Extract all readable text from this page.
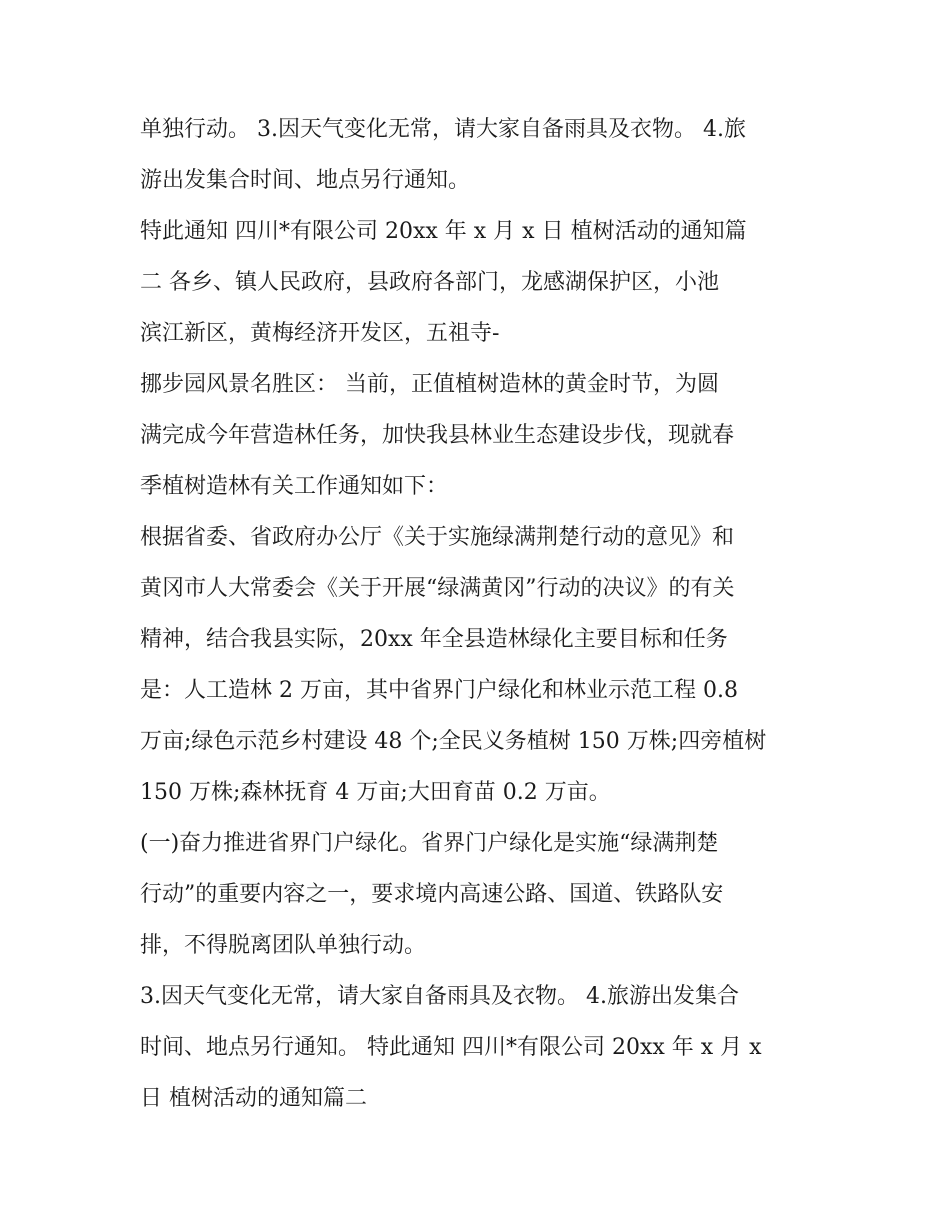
单独行动。 3.因天气变化无常，请大家自备雨具及衣物。 4.旅
游出发集合时间、地点另行通知。
特此通知 四川*有限公司 20xx 年 x 月 x 日 植树活动的通知篇
二 各乡、镇人民政府，县政府各部门，龙感湖保护区，小池
滨江新区，黄梅经济开发区，五祖寺-
挪步园风景名胜区： 当前，正值植树造林的黄金时节，为圆
满完成今年营造林任务，加快我县林业生态建设步伐，现就春
季植树造林有关工作通知如下：
根据省委、省政府办公厅《关于实施绿满荆楚行动的意见》和
黄冈市人大常委会《关于开展“绿满黄冈”行动的决议》的有关
精神，结合我县实际，20xx 年全县造林绿化主要目标和任务
是：人工造林 2 万亩，其中省界门户绿化和林业示范工程 0.8
万亩;绿色示范乡村建设 48 个;全民义务植树 150 万株;四旁植树
150 万株;森林抚育 4 万亩;大田育苗 0.2 万亩。
(一)奋力推进省界门户绿化。省界门户绿化是实施“绿满荆楚
行动”的重要内容之一，要求境内高速公路、国道、铁路队安
排，不得脱离团队单独行动。
3.因天气变化无常，请大家自备雨具及衣物。 4.旅游出发集合
时间、地点另行通知。 特此通知 四川*有限公司 20xx 年 x 月 x
日 植树活动的通知篇二
